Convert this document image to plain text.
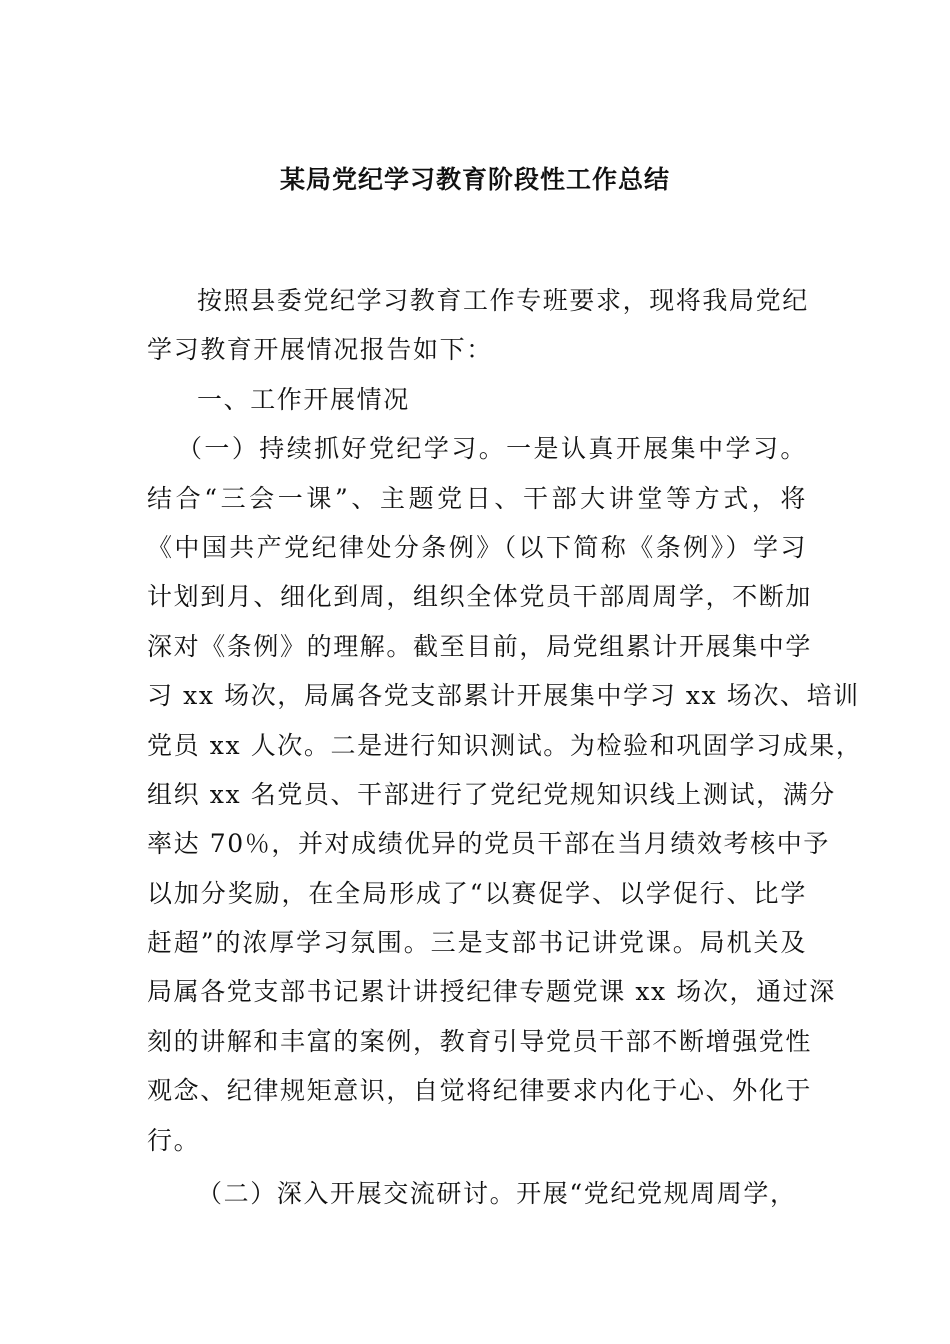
某局党纪学习教育阶段性工作总结
按照县委党纪学习教育工作专班要求，现将我局党纪
学习教育开展情况报告如下：
一、工作开展情况
（一）持续抓好党纪学习。一是认真开展集中学习。
结合“三会一课”、主题党日、干部大讲堂等方式，将
《中国共产党纪律处分条例》（以下简称《条例》）学习
计划到月、细化到周，组织全体党员干部周周学，不断加
深对《条例》的理解。截至目前，局党组累计开展集中学
习 xx 场次，局属各党支部累计开展集中学习 xx 场次、培训
党员 xx 人次。二是进行知识测试。为检验和巩固学习成果，
组织 xx 名党员、干部进行了党纪党规知识线上测试，满分
率达 70％，并对成绩优异的党员干部在当月绩效考核中予
以加分奖励，在全局形成了“以赛促学、以学促行、比学
赶超”的浓厚学习氛围。三是支部书记讲党课。局机关及
局属各党支部书记累计讲授纪律专题党课 xx 场次，通过深
刻的讲解和丰富的案例，教育引导党员干部不断增强党性
观念、纪律规矩意识，自觉将纪律要求内化于心、外化于
行。
（二）深入开展交流研讨。开展“党纪党规周周学，
